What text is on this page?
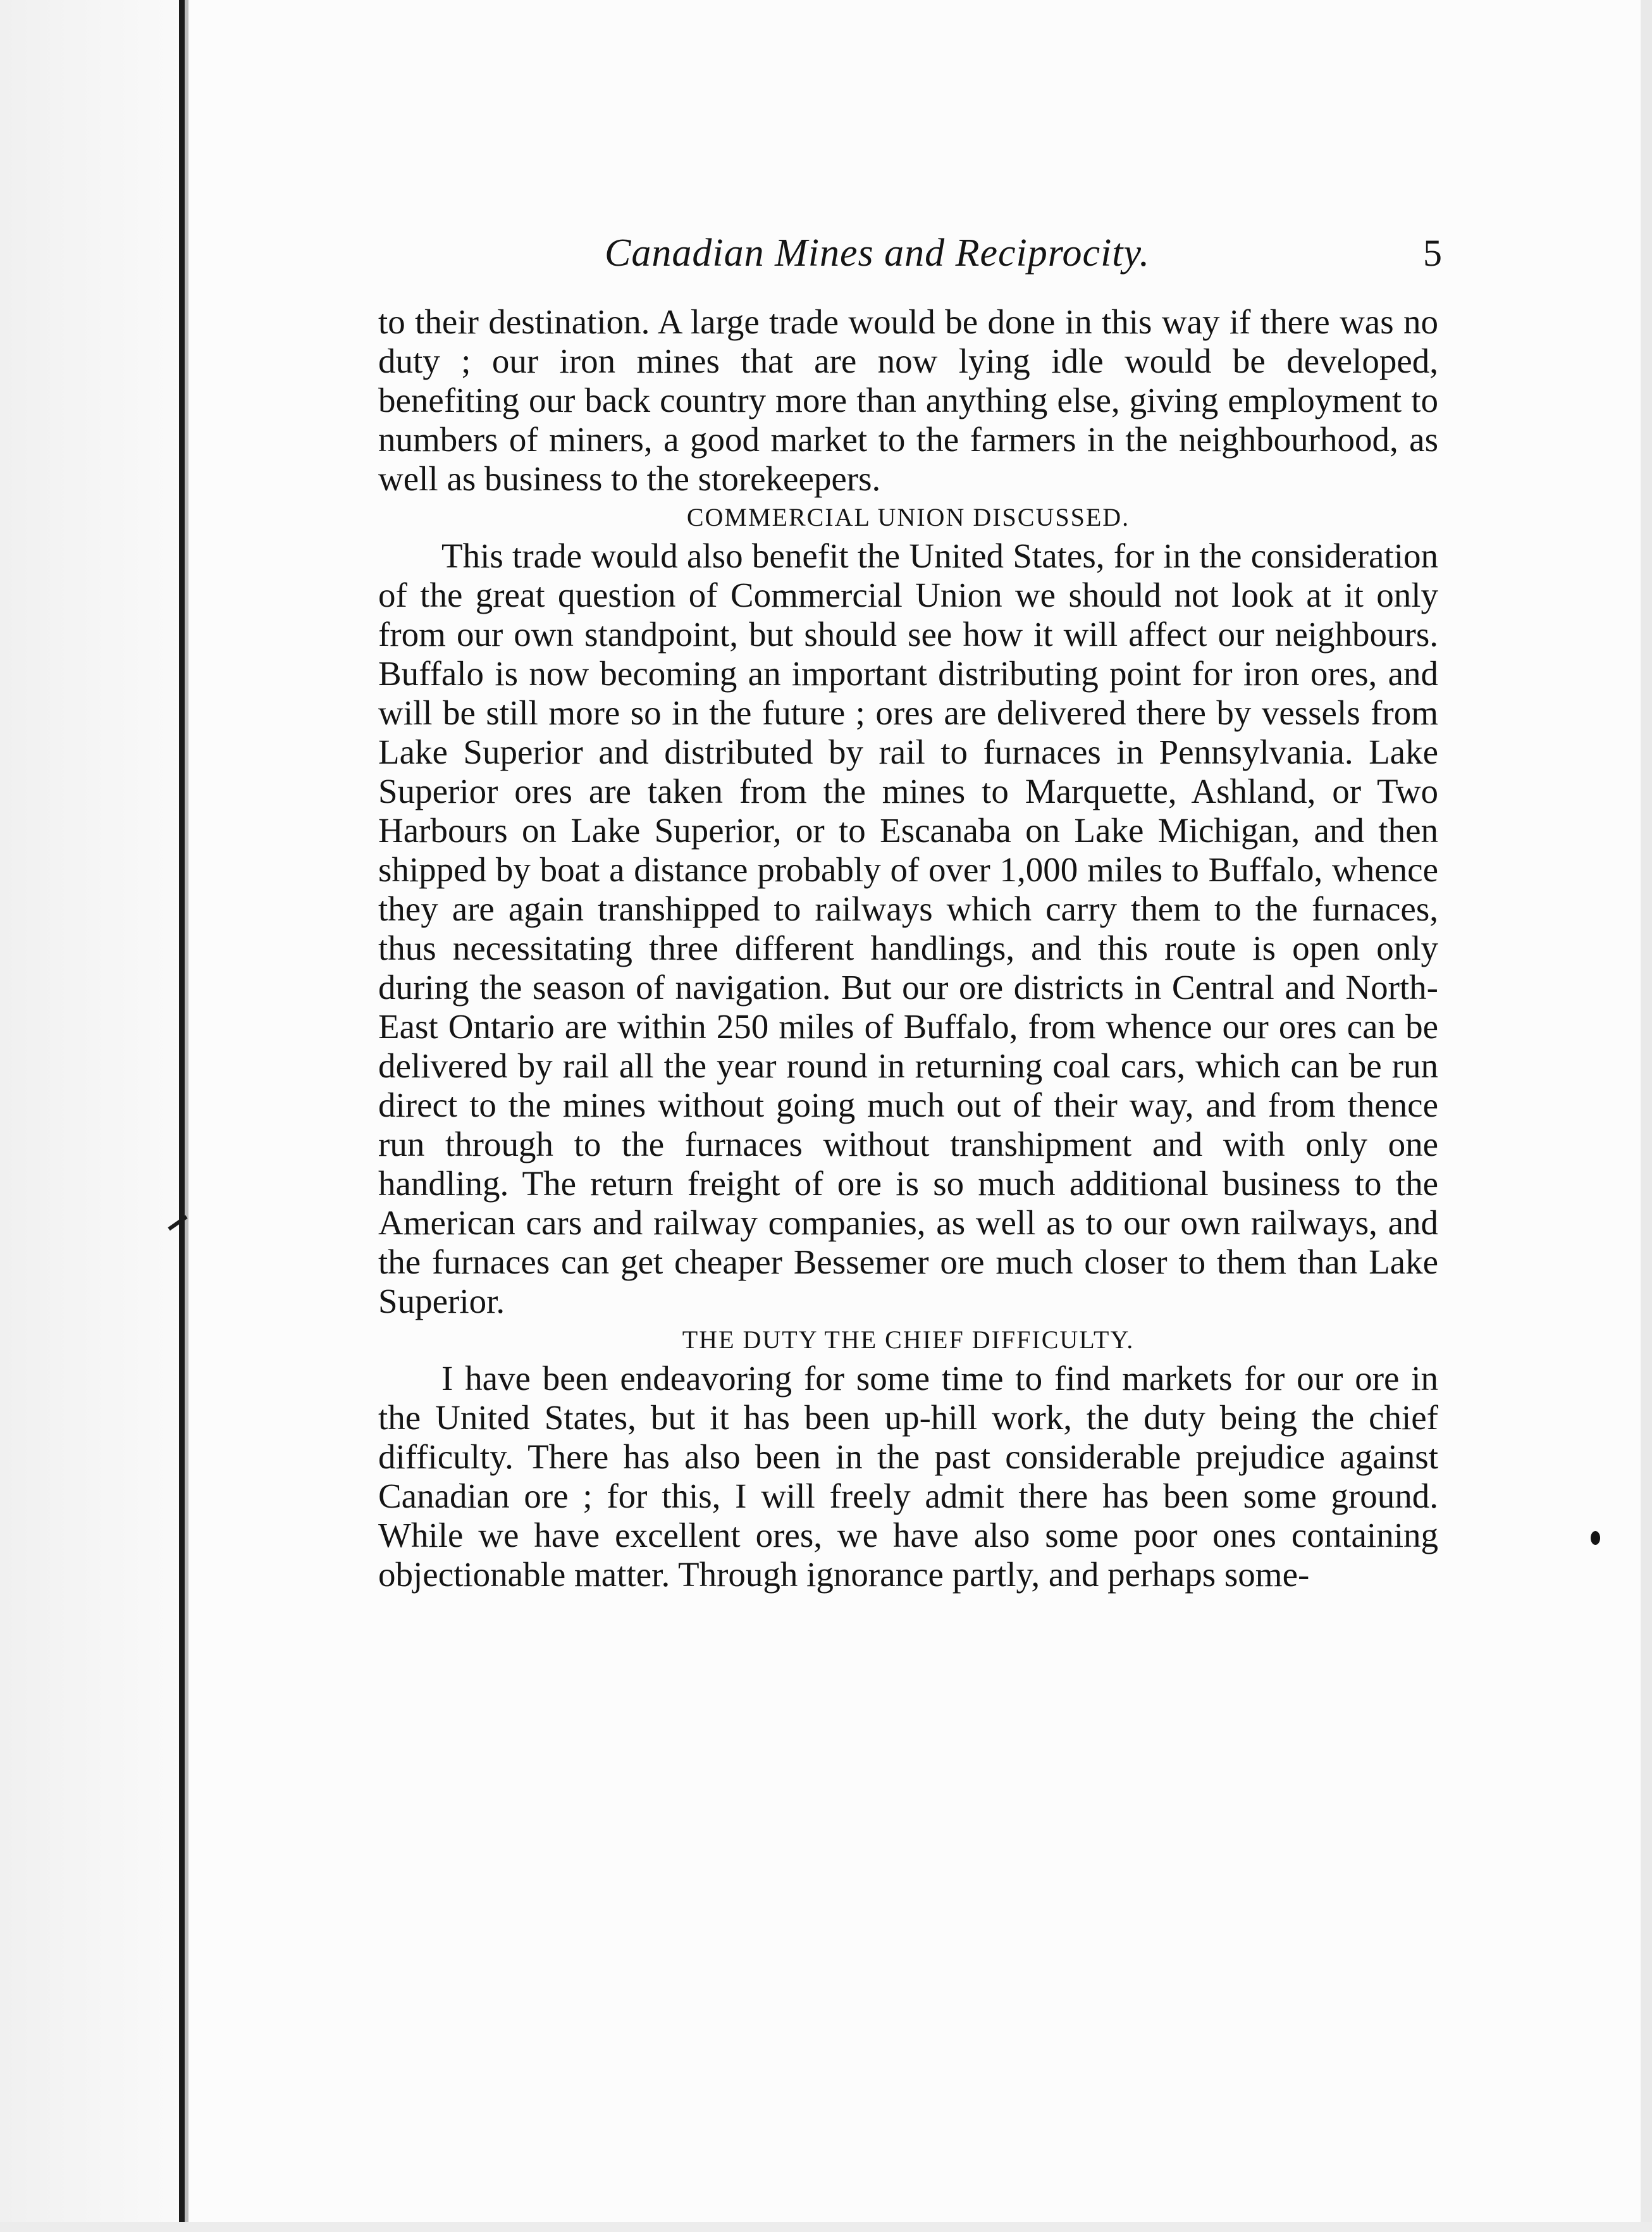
Canadian Mines and Reciprocity.	5

to their destination. A large trade would be done in this way if there was no duty ; our iron mines that are now lying idle would be developed, benefiting our back country more than anything else, giving employment to numbers of miners, a good market to the farmers in the neighbourhood, as well as business to the storekeepers.

COMMERCIAL UNION DISCUSSED.

This trade would also benefit the United States, for in the consideration of the great question of Commercial Union we should not look at it only from our own standpoint, but should see how it will affect our neighbours. Buffalo is now becoming an important distributing point for iron ores, and will be still more so in the future ; ores are delivered there by vessels from Lake Superior and distributed by rail to furnaces in Pennsylvania. Lake Superior ores are taken from the mines to Marquette, Ashland, or Two Harbours on Lake Superior, or to Escanaba on Lake Michigan, and then shipped by boat a distance probably of over 1,000 miles to Buffalo, whence they are again transhipped to railways which carry them to the furnaces, thus necessitating three different handlings, and this route is open only during the season of navigation. But our ore districts in Central and North-East Ontario are within 250 miles of Buffalo, from whence our ores can be delivered by rail all the year round in returning coal cars, which can be run direct to the mines without going much out of their way, and from thence run through to the furnaces without transhipment and with only one handling. The return freight of ore is so much additional business to the American cars and railway companies, as well as to our own railways, and the furnaces can get cheaper Bessemer ore much closer to them than Lake Superior.

THE DUTY THE CHIEF DIFFICULTY.

I have been endeavoring for some time to find markets for our ore in the United States, but it has been up-hill work, the duty being the chief difficulty. There has also been in the past considerable prejudice against Canadian ore ; for this, I will freely admit there has been some ground. While we have excellent ores, we have also some poor ones containing objectionable matter. Through ignorance partly, and perhaps some-
